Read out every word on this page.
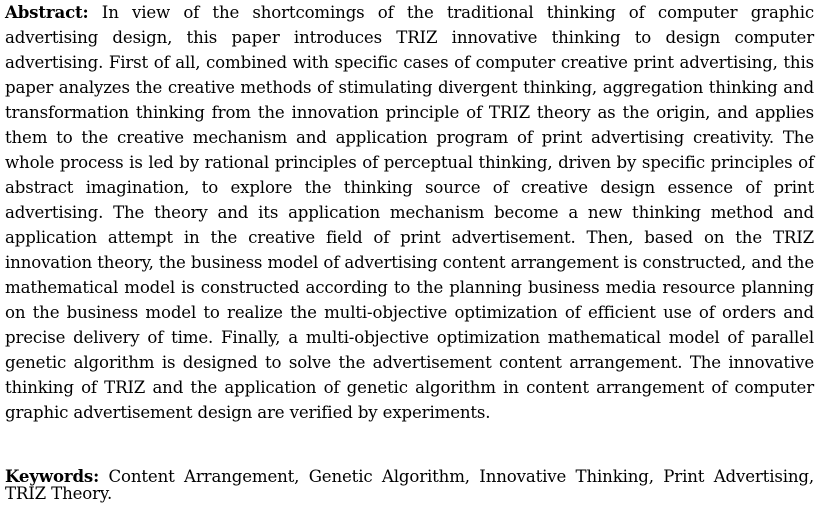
Abstract: In view of the shortcomings of the traditional thinking of computer graphic advertising design, this paper introduces TRIZ innovative thinking to design computer advertising. First of all, combined with specific cases of computer creative print advertising, this paper analyzes the creative methods of stimulating divergent thinking, aggregation thinking and transformation thinking from the innovation principle of TRIZ theory as the origin, and applies them to the creative mechanism and application program of print advertising creativity. The whole process is led by rational principles of perceptual thinking, driven by specific principles of abstract imagination, to explore the thinking source of creative design essence of print advertising. The theory and its application mechanism become a new thinking method and application attempt in the creative field of print advertisement. Then, based on the TRIZ innovation theory, the business model of advertising content arrangement is constructed, and the mathematical model is constructed according to the planning business media resource planning on the business model to realize the multi-objective optimization of efficient use of orders and precise delivery of time. Finally, a multi-objective optimization mathematical model of parallel genetic algorithm is designed to solve the advertisement content arrangement. The innovative thinking of TRIZ and the application of genetic algorithm in content arrangement of computer graphic advertisement design are verified by experiments.

Keywords: Content Arrangement, Genetic Algorithm, Innovative Thinking, Print Advertising, TRIZ Theory.
